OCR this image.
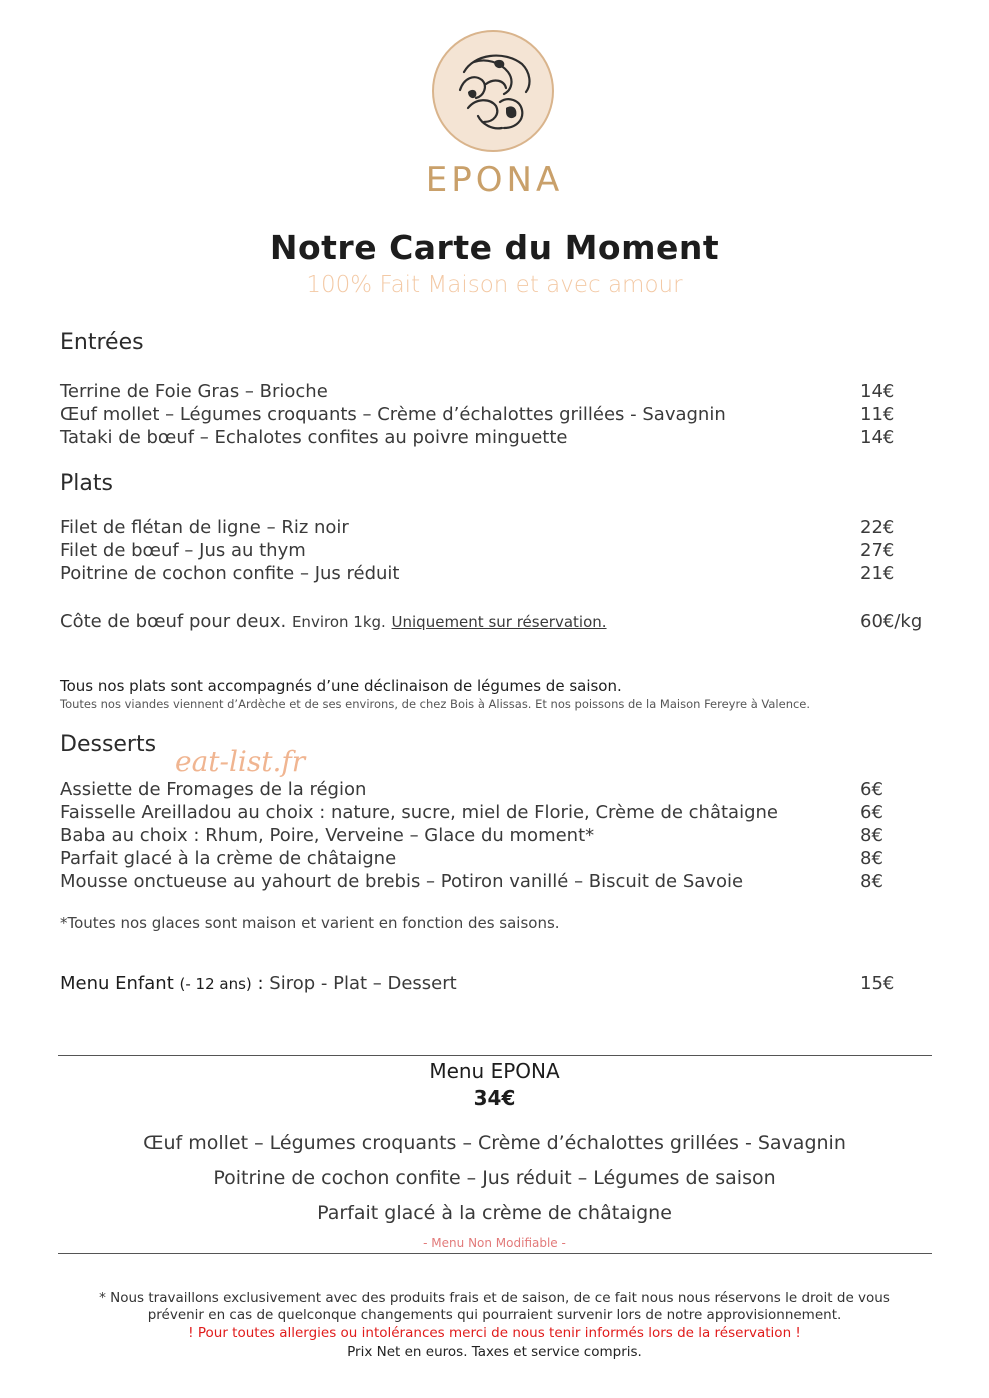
EPONA
Notre Carte du Moment
100% Fait Maison et avec amour
Entrées
Terrine de Foie Gras – Brioche	14€
Œuf mollet – Légumes croquants – Crème d’échalottes grillées - Savagnin	11€
Tataki de bœuf – Echalotes confites au poivre minguette	14€
Plats
Filet de flétan de ligne – Riz noir	22€
Filet de bœuf – Jus au thym	27€
Poitrine de cochon confite – Jus réduit	21€
Côte de bœuf pour deux. Environ 1kg. Uniquement sur réservation.	60€/kg
Tous nos plats sont accompagnés d’une déclinaison de légumes de saison.
Toutes nos viandes viennent d’Ardèche et de ses environs, de chez Bois à Alissas. Et nos poissons de la Maison Fereyre à Valence.
Desserts
eat-list.fr
Assiette de Fromages de la région	6€
Faisselle Areilladou au choix : nature, sucre, miel de Florie, Crème de châtaigne	6€
Baba au choix : Rhum, Poire, Verveine – Glace du moment*	8€
Parfait glacé à la crème de châtaigne	8€
Mousse onctueuse au yahourt de brebis – Potiron vanillé – Biscuit de Savoie	8€
*Toutes nos glaces sont maison et varient en fonction des saisons.
Menu Enfant (- 12 ans) : Sirop - Plat – Dessert	15€
Menu EPONA
34€
Œuf mollet – Légumes croquants – Crème d’échalottes grillées - Savagnin
Poitrine de cochon confite – Jus réduit – Légumes de saison
Parfait glacé à la crème de châtaigne
- Menu Non Modifiable -
* Nous travaillons exclusivement avec des produits frais et de saison, de ce fait nous nous réservons le droit de vous
prévenir en cas de quelconque changements qui pourraient survenir lors de notre approvisionnement.
! Pour toutes allergies ou intolérances merci de nous tenir informés lors de la réservation !
Prix Net en euros. Taxes et service compris.
